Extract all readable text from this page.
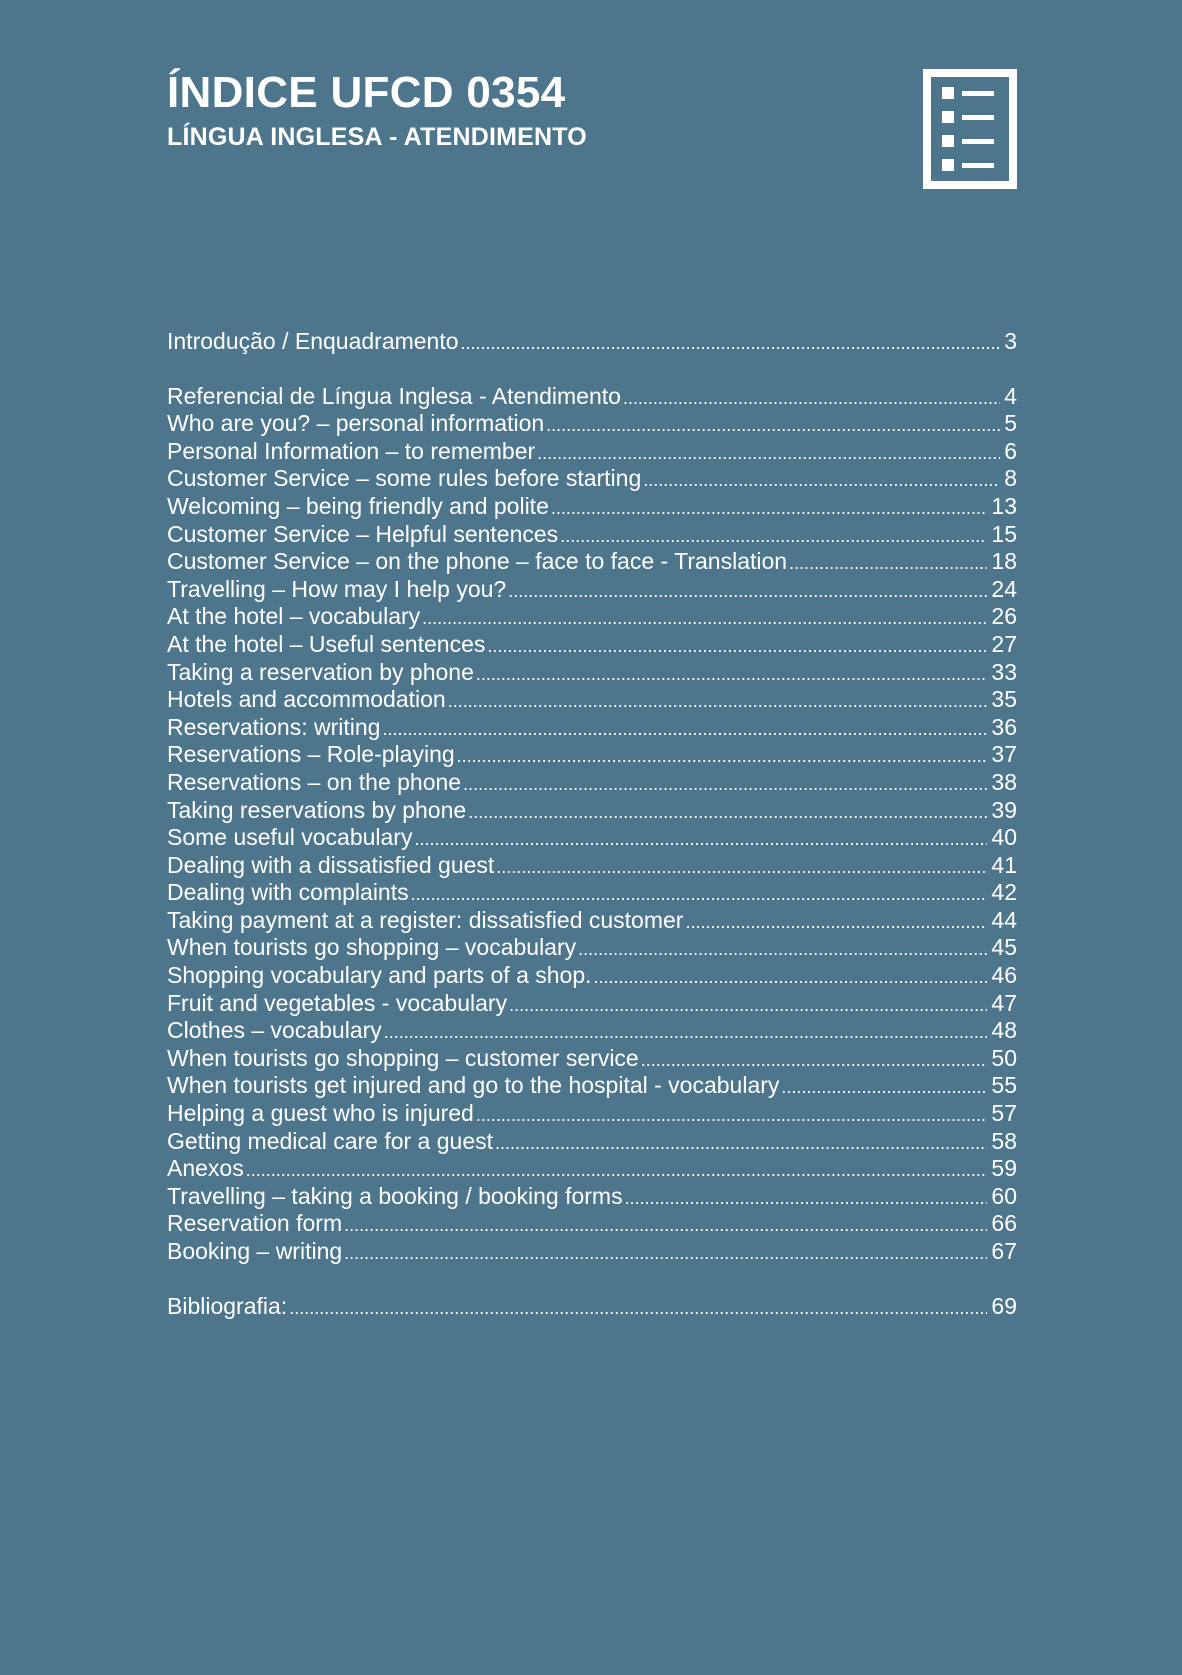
ÍNDICE UFCD 0354
LÍNGUA INGLESA - ATENDIMENTO
Introdução / Enquadramento .....	3
Referencial de Língua Inglesa - Atendimento .....	4
Who are you? – personal information .....	5
Personal Information – to remember .....	6
Customer Service – some rules before starting .....	8
Welcoming – being friendly and polite .....	13
Customer Service – Helpful sentences .....	15
Customer Service – on the phone – face to face - Translation .....	18
Travelling – How may I help you? .....	24
At the hotel – vocabulary .....	26
At the hotel – Useful sentences .....	27
Taking a reservation by phone .....	33
Hotels and accommodation .....	35
Reservations: writing .....	36
Reservations – Role-playing .....	37
Reservations – on the phone .....	38
Taking reservations by phone .....	39
Some useful vocabulary .....	40
Dealing with a dissatisfied guest .....	41
Dealing with complaints .....	42
Taking payment at a register: dissatisfied customer .....	44
When tourists go shopping – vocabulary .....	45
Shopping vocabulary and parts of a shop. .....	46
Fruit and vegetables - vocabulary .....	47
Clothes – vocabulary .....	48
When tourists go shopping – customer service .....	50
When tourists get injured and go to the hospital - vocabulary .....	55
Helping a guest who is injured .....	57
Getting medical care for a guest .....	58
Anexos .....	59
Travelling – taking a booking / booking forms .....	60
Reservation form .....	66
Booking – writing .....	67
Bibliografia: .....	69
